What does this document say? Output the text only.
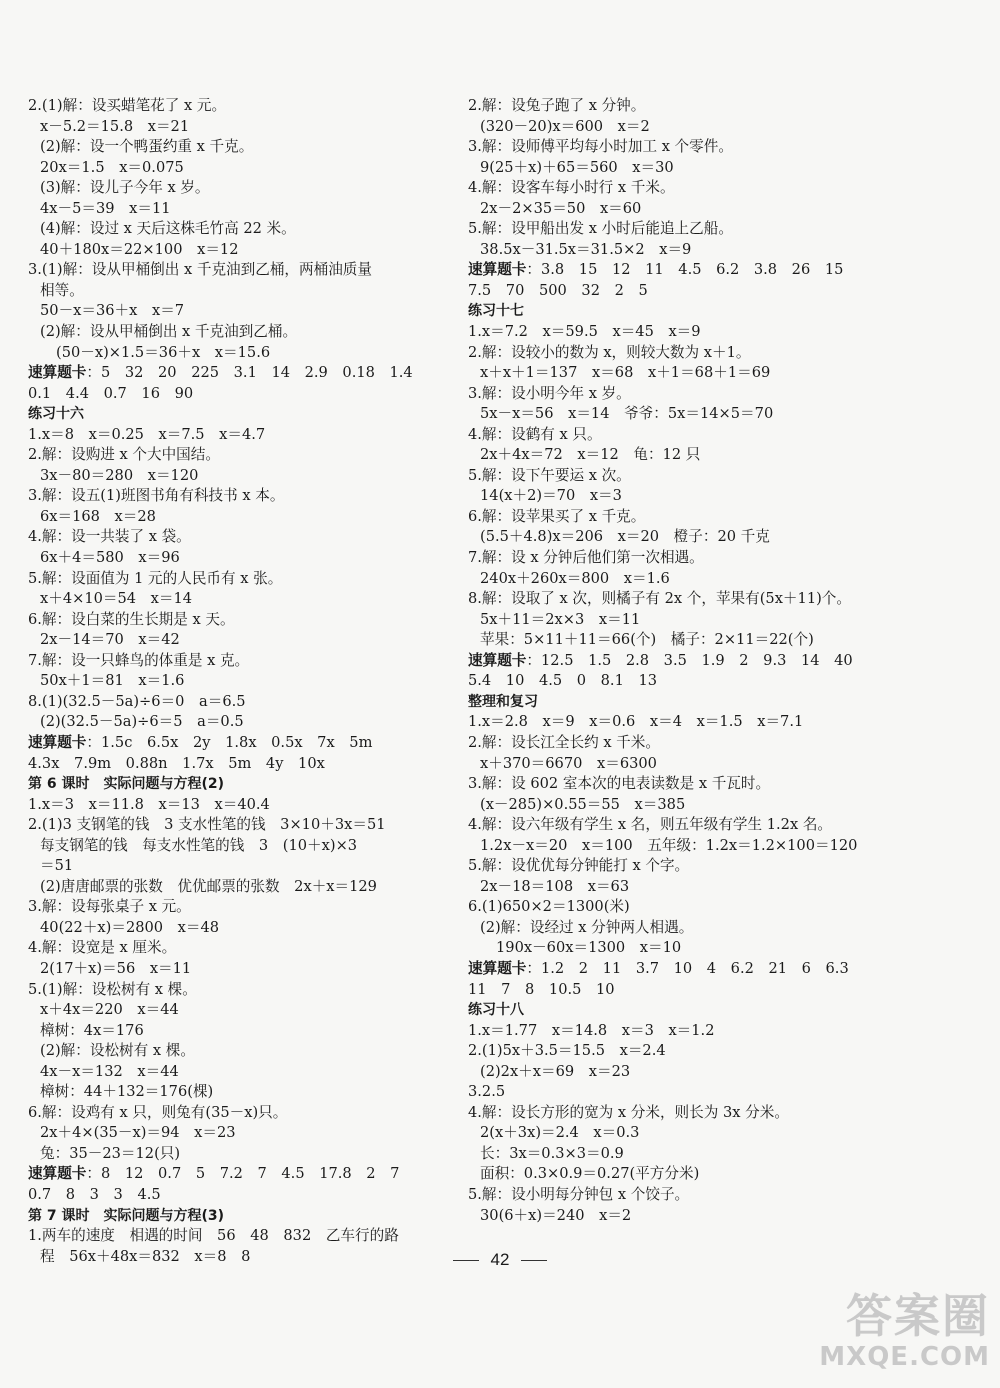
2.(1)解：设买蜡笔花了 x 元。
x－5.2＝15.8　x＝21
(2)解：设一个鸭蛋约重 x 千克。
20x＝1.5　x＝0.075
(3)解：设儿子今年 x 岁。
4x－5＝39　x＝11
(4)解：设过 x 天后这株毛竹高 22 米。
40＋180x＝22×100　x＝12
3.(1)解：设从甲桶倒出 x 千克油到乙桶，两桶油质量
相等。
50－x＝36＋x　x＝7
(2)解：设从甲桶倒出 x 千克油到乙桶。
(50－x)×1.5＝36＋x　x＝15.6
速算题卡：5　32　20　225　3.1　14　2.9　0.18　1.4
0.1　4.4　0.7　16　90
练习十六
1.x＝8　x＝0.25　x＝7.5　x＝4.7
2.解：设购进 x 个大中国结。
3x－80＝280　x＝120
3.解：设五(1)班图书角有科技书 x 本。
6x＝168　x＝28
4.解：设一共装了 x 袋。
6x＋4＝580　x＝96
5.解：设面值为 1 元的人民币有 x 张。
x＋4×10＝54　x＝14
6.解：设白菜的生长期是 x 天。
2x－14＝70　x＝42
7.解：设一只蜂鸟的体重是 x 克。
50x＋1＝81　x＝1.6
8.(1)(32.5－5a)÷6＝0　a＝6.5
(2)(32.5－5a)÷6＝5　a＝0.5
速算题卡：1.5c　6.5x　2y　1.8x　0.5x　7x　5m
4.3x　7.9m　0.88n　1.7x　5m　4y　10x
第 6 课时　实际问题与方程(2)
1.x＝3　x＝11.8　x＝13　x＝40.4
2.(1)3 支钢笔的钱　3 支水性笔的钱　3×10＋3x＝51
每支钢笔的钱　每支水性笔的钱　3　(10＋x)×3
＝51
(2)唐唐邮票的张数　优优邮票的张数　2x＋x＝129
3.解：设每张桌子 x 元。
40(22＋x)＝2800　x＝48
4.解：设宽是 x 厘米。
2(17＋x)＝56　x＝11
5.(1)解：设松树有 x 棵。
x＋4x＝220　x＝44
樟树：4x＝176
(2)解：设松树有 x 棵。
4x－x＝132　x＝44
樟树：44＋132＝176(棵)
6.解：设鸡有 x 只，则兔有(35－x)只。
2x＋4×(35－x)＝94　x＝23
兔：35－23＝12(只)
速算题卡：8　12　0.7　5　7.2　7　4.5　17.8　2　7
0.7　8　3　3　4.5
第 7 课时　实际问题与方程(3)
1.两车的速度　相遇的时间　56　48　832　乙车行的路
程　56x＋48x＝832　x＝8　8
2.解：设兔子跑了 x 分钟。
(320－20)x＝600　x＝2
3.解：设师傅平均每小时加工 x 个零件。
9(25＋x)＋65＝560　x＝30
4.解：设客车每小时行 x 千米。
2x－2×35＝50　x＝60
5.解：设甲船出发 x 小时后能追上乙船。
38.5x－31.5x＝31.5×2　x＝9
速算题卡：3.8　15　12　11　4.5　6.2　3.8　26　15
7.5　70　500　32　2　5
练习十七
1.x＝7.2　x＝59.5　x＝45　x＝9
2.解：设较小的数为 x，则较大数为 x＋1。
x＋x＋1＝137　x＝68　x＋1＝68＋1＝69
3.解：设小明今年 x 岁。
5x－x＝56　x＝14　爷爷：5x＝14×5＝70
4.解：设鹤有 x 只。
2x＋4x＝72　x＝12　龟：12 只
5.解：设下午要运 x 次。
14(x＋2)＝70　x＝3
6.解：设苹果买了 x 千克。
(5.5＋4.8)x＝206　x＝20　橙子：20 千克
7.解：设 x 分钟后他们第一次相遇。
240x＋260x＝800　x＝1.6
8.解：设取了 x 次，则橘子有 2x 个，苹果有(5x＋11)个。
5x＋11＝2x×3　x＝11
苹果：5×11＋11＝66(个)　橘子：2×11＝22(个)
速算题卡：12.5　1.5　2.8　3.5　1.9　2　9.3　14　40
5.4　10　4.5　0　8.1　13
整理和复习
1.x＝2.8　x＝9　x＝0.6　x＝4　x＝1.5　x＝7.1
2.解：设长江全长约 x 千米。
x＋370＝6670　x＝6300
3.解：设 602 室本次的电表读数是 x 千瓦时。
(x－285)×0.55＝55　x＝385
4.解：设六年级有学生 x 名，则五年级有学生 1.2x 名。
1.2x－x＝20　x＝100　五年级：1.2x＝1.2×100＝120
5.解：设优优每分钟能打 x 个字。
2x－18＝108　x＝63
6.(1)650×2＝1300(米)
(2)解：设经过 x 分钟两人相遇。
190x－60x＝1300　x＝10
速算题卡：1.2　2　11　3.7　10　4　6.2　21　6　6.3
11　7　8　10.5　10
练习十八
1.x＝1.77　x＝14.8　x＝3　x＝1.2
2.(1)5x＋3.5＝15.5　x＝2.4
(2)2x＋x＝69　x＝23
3.2.5
4.解：设长方形的宽为 x 分米，则长为 3x 分米。
2(x＋3x)＝2.4　x＝0.3
长：3x＝0.3×3＝0.9
面积：0.3×0.9＝0.27(平方分米)
5.解：设小明每分钟包 x 个饺子。
30(6＋x)＝240　x＝2
42
答案圈
MXQE.COM
